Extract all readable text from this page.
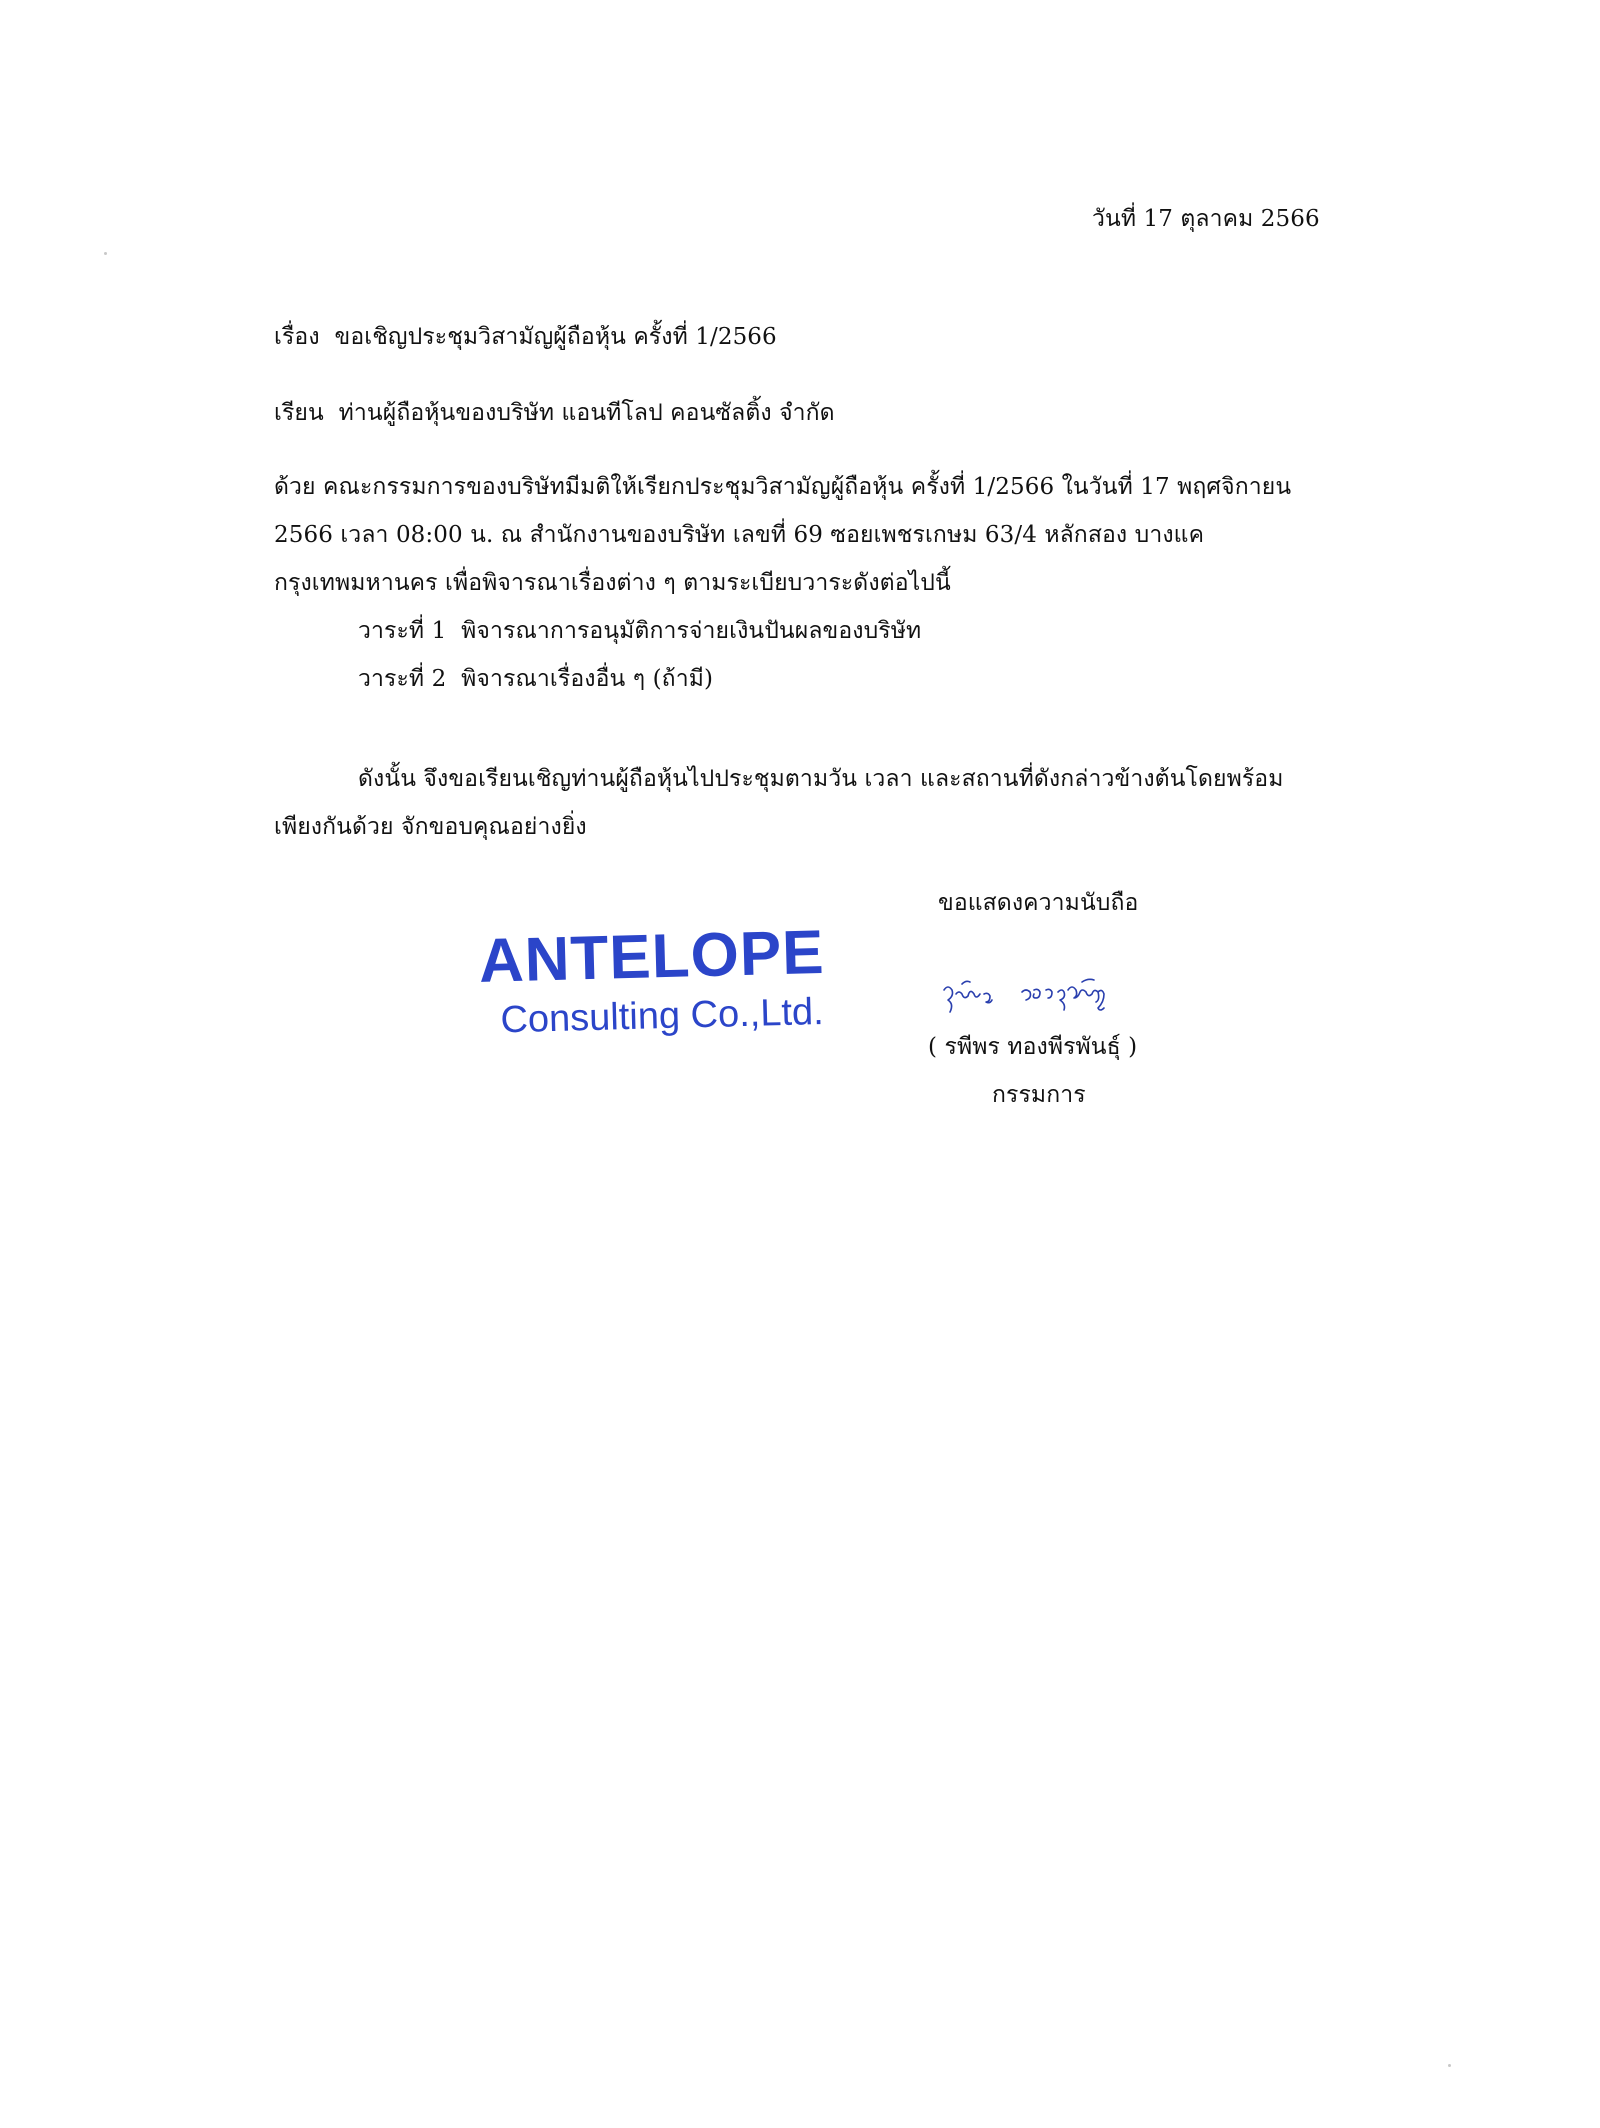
วันที่ 17 ตุลาคม 2566
เรื่อง ขอเชิญประชุมวิสามัญผู้ถือหุ้น ครั้งที่ 1/2566
เรียน ท่านผู้ถือหุ้นของบริษัท แอนทีโลป คอนซัลติ้ง จำกัด
ด้วย คณะกรรมการของบริษัทมีมติให้เรียกประชุมวิสามัญผู้ถือหุ้น ครั้งที่ 1/2566 ในวันที่ 17 พฤศจิกายน
2566 เวลา 08:00 น. ณ สำนักงานของบริษัท เลขที่ 69 ซอยเพชรเกษม 63/4 หลักสอง บางแค
กรุงเทพมหานคร เพื่อพิจารณาเรื่องต่าง ๆ ตามระเบียบวาระดังต่อไปนี้
วาระที่ 1 พิจารณาการอนุมัติการจ่ายเงินปันผลของบริษัท
วาระที่ 2 พิจารณาเรื่องอื่น ๆ (ถ้ามี)
ดังนั้น จึงขอเรียนเชิญท่านผู้ถือหุ้นไปประชุมตามวัน เวลา และสถานที่ดังกล่าวข้างต้นโดยพร้อม
เพียงกันด้วย จักขอบคุณอย่างยิ่ง
ขอแสดงความนับถือ
ANTELOPE
Consulting Co.,Ltd.
( รพีพร ทองพีรพันธุ์ )
กรรมการ
